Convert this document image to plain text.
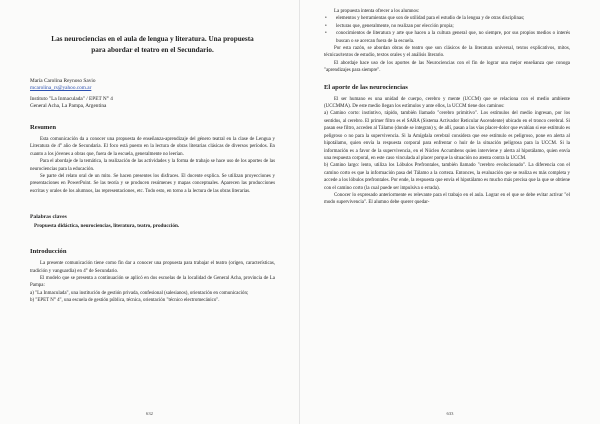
Las neurociencias en el aula de lengua y literatura. Una propuesta
para abordar el teatro en el Secundario.
María Carolina Reynoso Savio
mcarolina_rs@yahoo.com.ar
Instituto "La Inmaculada" / EPET N° 4
General Acha, La Pampa, Argentina
Resumen

Esta comunicación da a conocer una propuesta de enseñanza-aprendizaje del género teatral en la clase de Lengua y Literatura de 4° año de Secundaria. El foco está puesto en la lectura de obras literarias clásicas de diversos períodos. En cuanto a los jóvenes a obras que, fuera de la escuela, generalmente no leerían.

Para el abordaje de la temática, la realización de las actividades y la forma de trabajo se hace uso de los aportes de las neurociencias para la educación.

Se parte del relato oral de un mito. Se hacen presentes los disfraces. El docente explica. Se utilizan proyecciones y presentaciones en PowerPoint. Se las teoría y se producen resúmenes y mapas conceptuales. Aparecen las producciones escritas y orales de los alumnos, las representaciones, etc. Todo esto, en torno a la lectura de las obras literarias.

Palabras claves
Propuesta didáctica, neurociencias, literatura, teatro, producción.
Introducción

La presente comunicación tiene como fin dar a conocer una propuesta para trabajar el teatro (origen, características, tradición y vanguardia) en 4° de Secundario.

El modelo que se presenta a continuación se aplicó en dos escuelas de la localidad de General Acha, provincia de La Pampa:

a) "La Inmaculada", una institución de gestión privada, confesional (salesianos), orientación en comunicación;

b) "EPET N° 4", una escuela de gestión pública, técnica, orientación "técnico electromecánico".

632

La propuesta intenta ofrecer a los alumnos:

• elementos y herramientas que son de utilidad para el estudio de la lengua y de otras disciplinas;

• lecturas que, generalmente, no realizan por elección propia;

• conocimientos de literatura y arte que hacen a la cultura general que, no siempre, por sus propios medios o interés buscan o se acercan fuera de la escuela.

Por esta razón, se abordan obras de teatro que son clásicos de la literatura universal, textos explicativos, mitos, técnicas/textos de estudio, textos orales y el análisis literario.

El abordaje hace uso de los aportes de las Neurociencias con el fin de lograr una mejor enseñanza que conoga "aprendizajes para siempre".

El aporte de las neurociencias

El ser humano es una unidad de cuerpo, cerebro y mente (UCCM) que se relaciona con el medio ambiente (UCCMMA). De este medio llegan los estímulos y ante ellos, la UCCM tiene dos caminos:

a) Camino corto: instintivo, rápido, también llamado "cerebro primitivo". Los estímulos del medio ingresan, por los sentidos, al cerebro. El primer filtro es el SARA (Sistema Activador Reticular Ascendente) ubicado en el tronco cerebral. Si pasan ese filtro, acceden al Tálamo (donde se integran) y, de allí, pasan a las vías placer-dolor que evalúan si ese estímulo es peligroso o no para la supervivencia. Si la Amígdala cerebral considera que ese estímulo es peligroso, pone en alerta al hipotálamo, quien envía la respuesta corporal para enfrentar o huir de la situación peligrosa para la UCCM. Si la información es a favor de la supervivencia, en el Núcleo Accumbens quien interviene y alerta al hipotálamo, quien envía una respuesta corporal, en este caso vinculada al placer porque la situación no atenta contra la UCCM.

b) Camino largo: lento, utiliza los Lóbulos Prefrontales, también llamado "cerebro evolucionado". La diferencia con el camino corto es que la información pasa del Tálamo a la corteza. Entonces, la evaluación que se realiza es más completa y accede a los lóbulos prefrontales. Por ende, la respuesta que envía el hipotálamo es mucho más precisa que la que se obtiene con el camino corto (la cual puede ser impulsiva o errada).

Conocer lo expresado anteriormente es relevante para el trabajo en el aula. Lograr en el que se debe evitar activar "el modo supervivencia". El alumno debe querer quedar-

633
